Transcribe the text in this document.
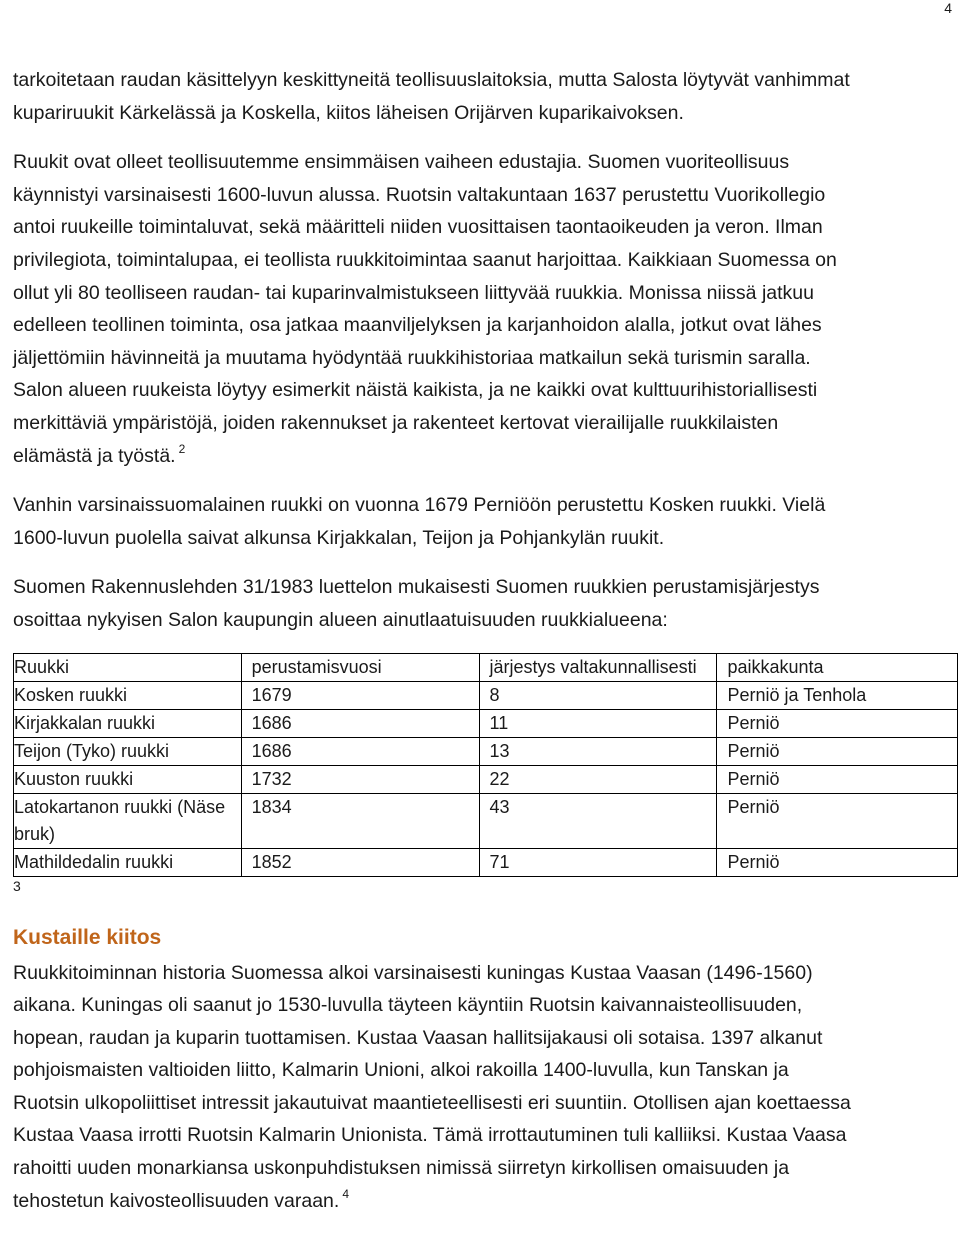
4

tarkoitetaan raudan käsittelyyn keskittyneitä teollisuuslaitoksia, mutta Salosta löytyvät vanhimmat
kupariruukit Kärkelässä ja Koskella, kiitos läheisen Orijärven kuparikaivoksen.

Ruukit ovat olleet teollisuutemme ensimmäisen vaiheen edustajia. Suomen vuoriteollisuus
käynnistyi varsinaisesti 1600-luvun alussa. Ruotsin valtakuntaan 1637 perustettu Vuorikollegio
antoi ruukeille toimintaluvat, sekä määritteli niiden vuosittaisen taontaoikeuden ja veron. Ilman
privilegiota, toimintalupaa, ei teollista ruukkitoimintaa saanut harjoittaa. Kaikkiaan Suomessa on
ollut yli 80 teolliseen raudan- tai kuparinvalmistukseen liittyvää ruukkia. Monissa niissä jatkuu
edelleen teollinen toiminta, osa jatkaa maanviljelyksen ja karjanhoidon alalla, jotkut ovat lähes
jäljettömiin hävinneitä ja muutama hyödyntää ruukkihistoriaa matkailun sekä turismin saralla.
Salon alueen ruukeista löytyy esimerkit näistä kaikista, ja ne kaikki ovat kulttuurihistoriallisesti
merkittäviä ympäristöjä, joiden rakennukset ja rakenteet kertovat vierailijalle ruukkilaisten
elämästä ja työstä. $^2$

Vanhin varsinaissuomalainen ruukki on vuonna 1679 Perniöön perustettu Kosken ruukki. Vielä
1600-luvun puolella saivat alkunsa Kirjakkalan, Teijon ja Pohjankylän ruukit.

Suomen Rakennuslehden 31/1983 luettelon mukaisesti Suomen ruukkien perustamisjärjestys
osoittaa nykyisen Salon kaupungin alueen ainutlaatuisuuden ruukkialueena:

Ruukki	perustamisvuosi	järjestys valtakunnallisesti	paikkakunta

Kosken ruukki	1679	8	Perniö ja Tenhola

Kirjakkalan ruukki	1686	11	Perniö

Teijon (Tyko) ruukki	1686	13	Perniö

Kuuston ruukki	1732	22	Perniö

Latokartanon ruukki (Näse bruk)	1834	43	Perniö

Mathildedalin ruukki	1852	71	Perniö
3
Kustaille kiitos

Ruukkitoiminnan historia Suomessa alkoi varsinaisesti kuningas Kustaa Vaasan (1496-1560)
aikana. Kuningas oli saanut jo 1530-luvulla täyteen käyntiin Ruotsin kaivannaisteollisuuden,
hopean, raudan ja kuparin tuottamisen. Kustaa Vaasan hallitsijakausi oli sotaisa. 1397 alkanut
pohjoismaisten valtioiden liitto, Kalmarin Unioni, alkoi rakoilla 1400-luvulla, kun Tanskan ja
Ruotsin ulkopoliittiset intressit jakautuivat maantieteellisesti eri suuntiin. Otollisen ajan koettaessa
Kustaa Vaasa irrotti Ruotsin Kalmarin Unionista. Tämä irrottautuminen tuli kalliiksi. Kustaa Vaasa
rahoitti uuden monarkiansa uskonpuhdistuksen nimissä siirretyn kirkollisen omaisuuden ja
tehostetun kaivosteollisuuden varaan. $^4$
